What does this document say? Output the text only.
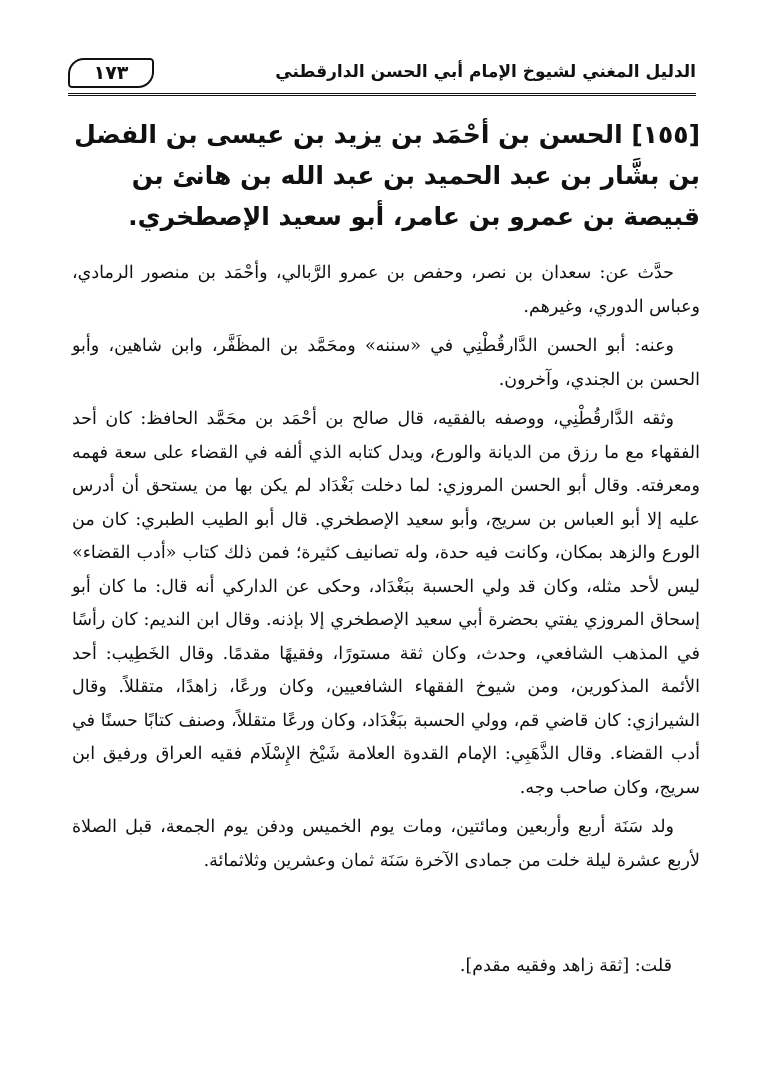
الدليل المغني لشيوخ الإمام أبي الحسن الدارقطني
١٧٣
[١٥٥] الحسن بن أحْمَد بن يزيد بن عيسى بن الفضل بن بشَّار بن عبد الحميد بن عبد الله بن هانئ بن قبيصة بن عمرو بن عامر، أبو سعيد الإصطخري.

حدَّث عن: سعدان بن نصر، وحفص بن عمرو الرَّبالي، وأحْمَد بن منصور الرمادي، وعباس الدوري، وغيرهم.

وعنه: أبو الحسن الدَّارقُطْنِي في «سننه» ومحَمَّد بن المظَفَّر، وابن شاهين، وأبو الحسن بن الجندي، وآخرون.

وثقه الدَّارقُطْنِي، ووصفه بالفقيه، قال صالح بن أحْمَد بن محَمَّد الحافظ: كان أحد الفقهاء مع ما رزق من الديانة والورع، ويدل كتابه الذي ألفه في القضاء على سعة فهمه ومعرفته. وقال أبو الحسن المروزي: لما دخلت بَغْدَاد لم يكن بها من يستحق أن أدرس عليه إلا أبو العباس بن سريج، وأبو سعيد الإصطخري. قال أبو الطيب الطبري: كان من الورع والزهد بمكان، وكانت فيه حدة، وله تصانيف كثيرة؛ فمن ذلك كتاب «أدب القضاء» ليس لأحد مثله، وكان قد ولي الحسبة ببَغْدَاد، وحكى عن الداركي أنه قال: ما كان أبو إسحاق المروزي يفتي بحضرة أبي سعيد الإصطخري إلا بإذنه. وقال ابن النديم: كان رأسًا في المذهب الشافعي، وحدث، وكان ثقة مستورًا، وفقيهًا مقدمًا. وقال الخَطِيب: أحد الأئمة المذكورين، ومن شيوخ الفقهاء الشافعيين، وكان ورعًا، زاهدًا، متقللاً. وقال الشيرازي: كان قاضي قم، وولي الحسبة ببَغْدَاد، وكان ورعًا متقللاً، وصنف كتابًا حسنًا في أدب القضاء. وقال الذَّهَبِي: الإمام القدوة العلامة شَيْخ الإِسْلَام فقيه العراق ورفيق ابن سريج، وكان صاحب وجه.

ولد سَنَة أربع وأربعين ومائتين، ومات يوم الخميس ودفن يوم الجمعة، قبل الصلاة لأربع عشرة ليلة خلت من جمادى الآخرة سَنَة ثمان وعشرين وثلاثمائة.

قلت: [ثقة زاهد وفقيه مقدم].
